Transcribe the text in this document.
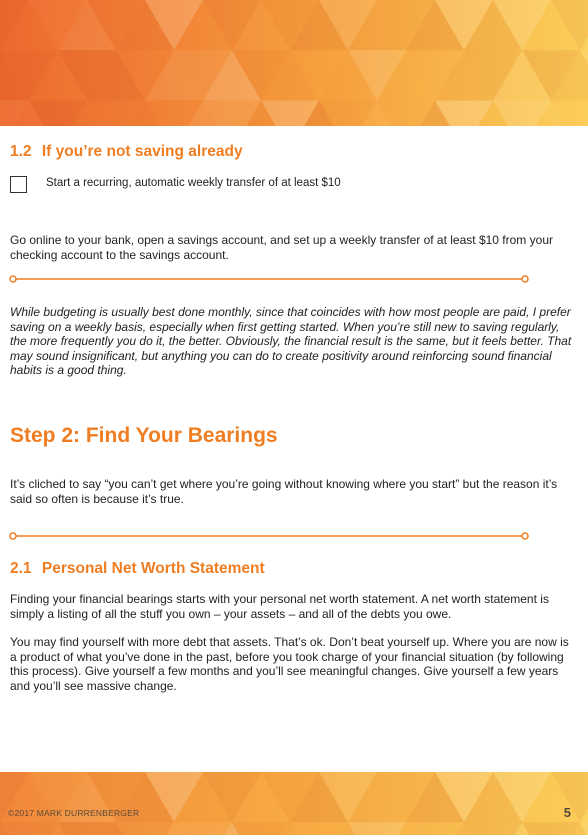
1.2 If you’re not saving already
Start a recurring, automatic weekly transfer of at least $10
Go online to your bank, open a savings account, and set up a weekly transfer of at least $10 from your checking account to the savings account.
While budgeting is usually best done monthly, since that coincides with how most people are paid, I prefer saving on a weekly basis, especially when first getting started. When you’re still new to saving regularly, the more frequently you do it, the better. Obviously, the financial result is the same, but it feels better. That may sound insignificant, but anything you can do to create positivity around reinforcing sound financial habits is a good thing.
Step 2: Find Your Bearings
It’s cliched to say “you can’t get where you’re going without knowing where you start” but the reason it’s said so often is because it’s true.
2.1 Personal Net Worth Statement
Finding your financial bearings starts with your personal net worth statement. A net worth statement is simply a listing of all the stuff you own – your assets – and all of the debts you owe.
You may find yourself with more debt that assets. That’s ok. Don’t beat yourself up. Where you are now is a product of what you’ve done in the past, before you took charge of your financial situation (by following this process). Give yourself a few months and you’ll see meaningful changes. Give yourself a few years and you’ll see massive change.
©2017 MARK DURRENBERGER	5
